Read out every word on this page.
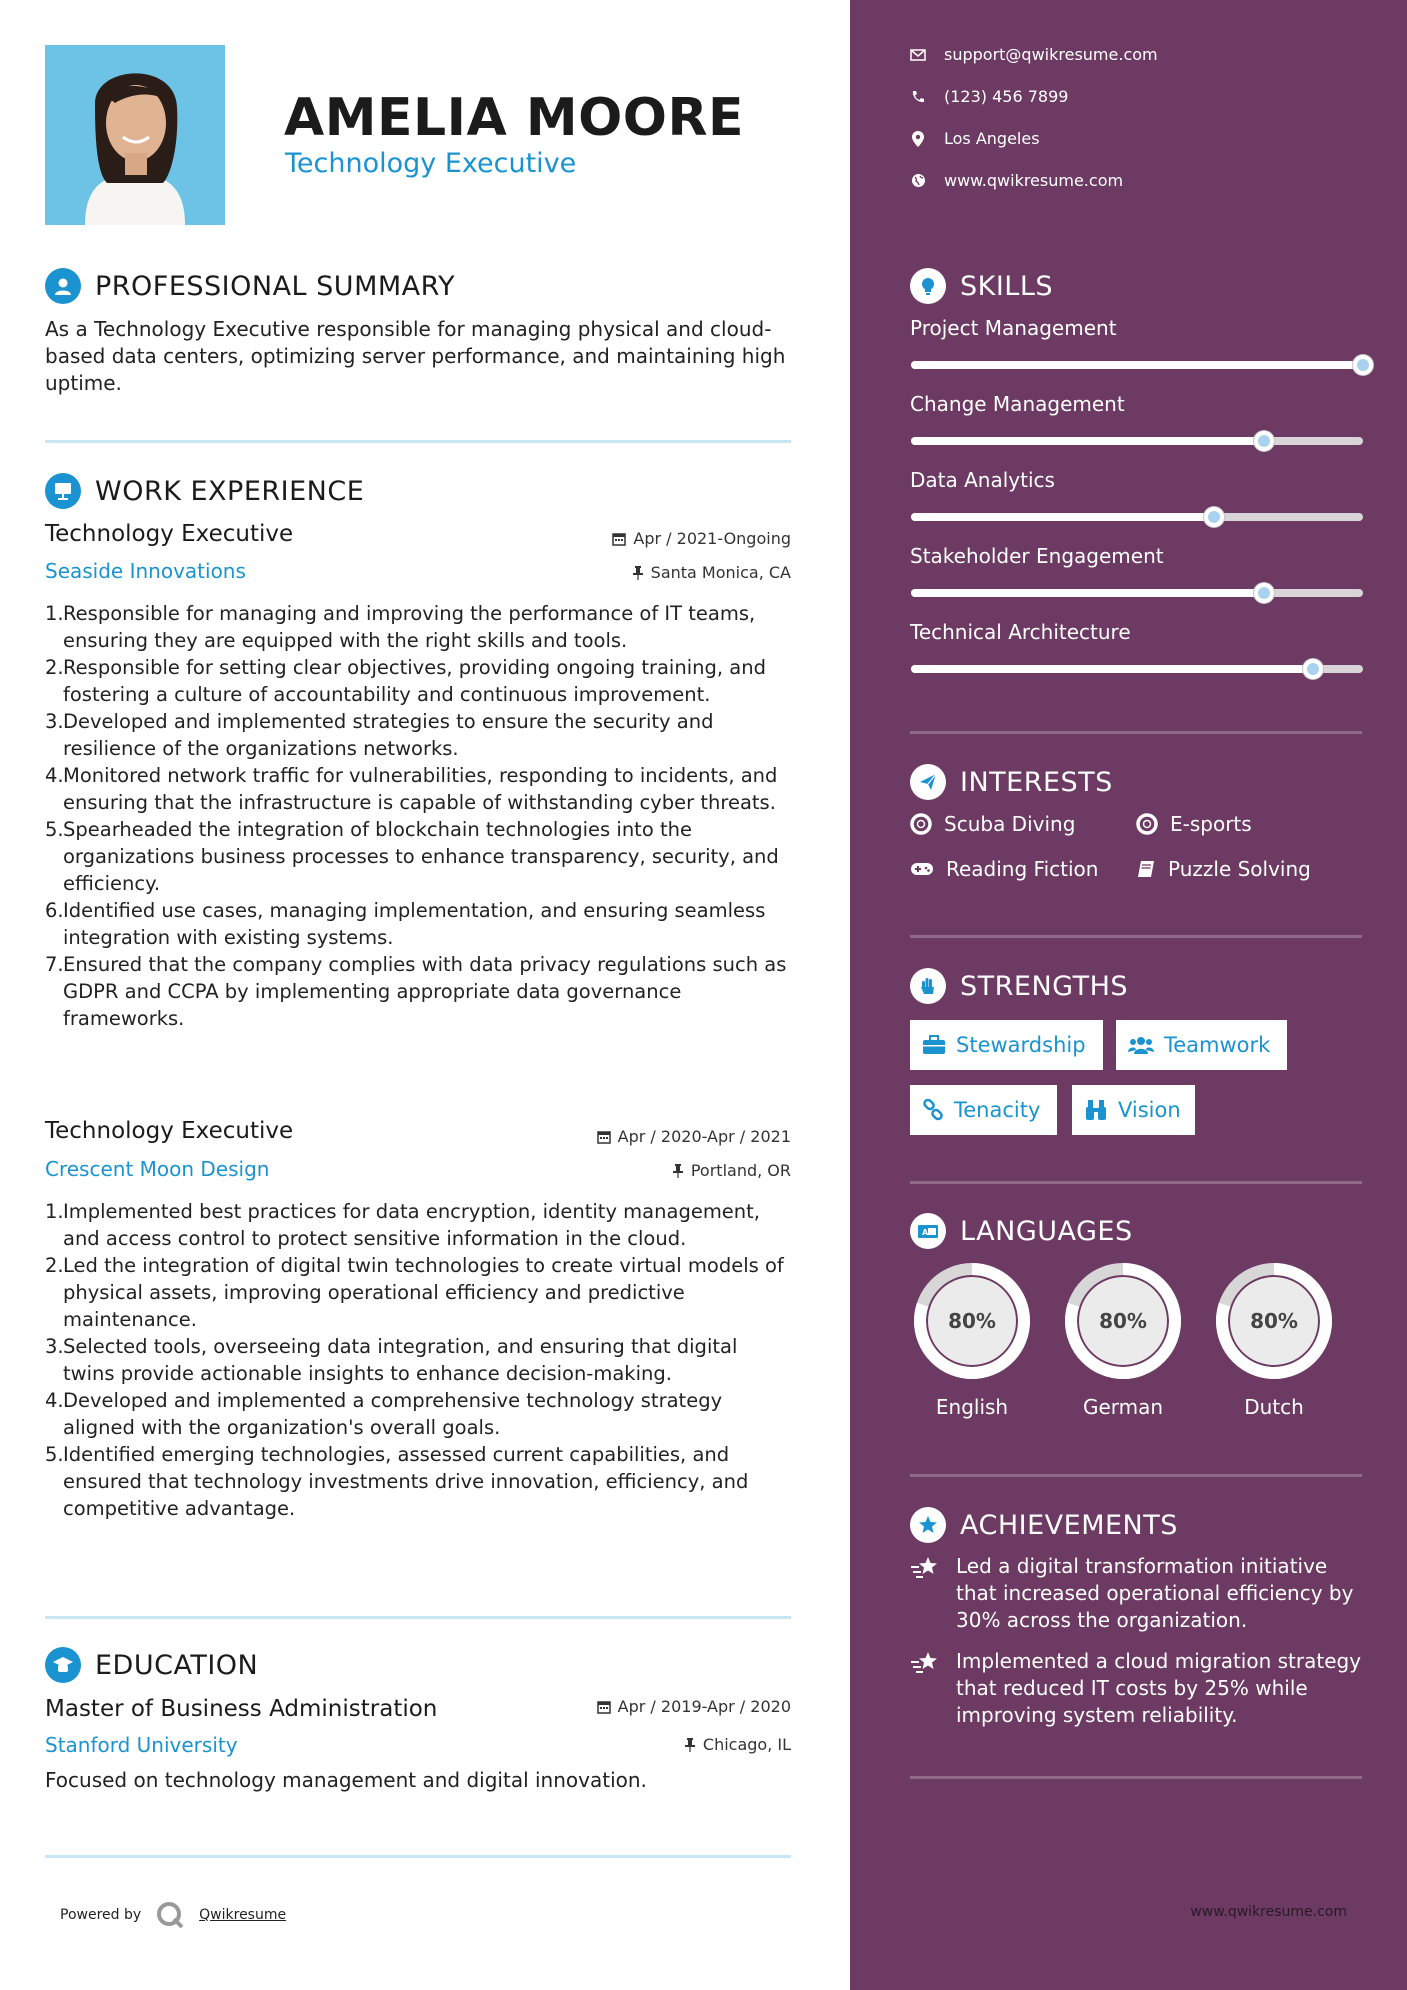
AMELIA MOORE
Technology Executive
PROFESSIONAL SUMMARY
As a Technology Executive responsible for managing physical and cloud-based data centers, optimizing server performance, and maintaining high uptime.
WORK EXPERIENCE
Technology Executive	Apr / 2021-Ongoing
Seaside Innovations	Santa Monica, CA
1. Responsible for managing and improving the performance of IT teams, ensuring they are equipped with the right skills and tools.
2. Responsible for setting clear objectives, providing ongoing training, and fostering a culture of accountability and continuous improvement.
3. Developed and implemented strategies to ensure the security and resilience of the organizations networks.
4. Monitored network traffic for vulnerabilities, responding to incidents, and ensuring that the infrastructure is capable of withstanding cyber threats.
5. Spearheaded the integration of blockchain technologies into the organizations business processes to enhance transparency, security, and efficiency.
6. Identified use cases, managing implementation, and ensuring seamless integration with existing systems.
7. Ensured that the company complies with data privacy regulations such as GDPR and CCPA by implementing appropriate data governance frameworks.
Technology Executive	Apr / 2020-Apr / 2021
Crescent Moon Design	Portland, OR
1. Implemented best practices for data encryption, identity management, and access control to protect sensitive information in the cloud.
2. Led the integration of digital twin technologies to create virtual models of physical assets, improving operational efficiency and predictive maintenance.
3. Selected tools, overseeing data integration, and ensuring that digital twins provide actionable insights to enhance decision-making.
4. Developed and implemented a comprehensive technology strategy aligned with the organization's overall goals.
5. Identified emerging technologies, assessed current capabilities, and ensured that technology investments drive innovation, efficiency, and competitive advantage.
EDUCATION
Master of Business Administration	Apr / 2019-Apr / 2020
Stanford University	Chicago, IL
Focused on technology management and digital innovation.
Powered by	Qwikresume
support@qwikresume.com
(123) 456 7899
Los Angeles
www.qwikresume.com
SKILLS
Project Management
Change Management
Data Analytics
Stakeholder Engagement
Technical Architecture
INTERESTS
Scuba Diving	E-sports
Reading Fiction	Puzzle Solving
STRENGTHS
Stewardship	Teamwork
Tenacity	Vision
A LANGUAGES
80%
English
80%
German
80%
Dutch
ACHIEVEMENTS
Led a digital transformation initiative that increased operational efficiency by 30% across the organization.
Implemented a cloud migration strategy that reduced IT costs by 25% while improving system reliability.
www.qwikresume.com
